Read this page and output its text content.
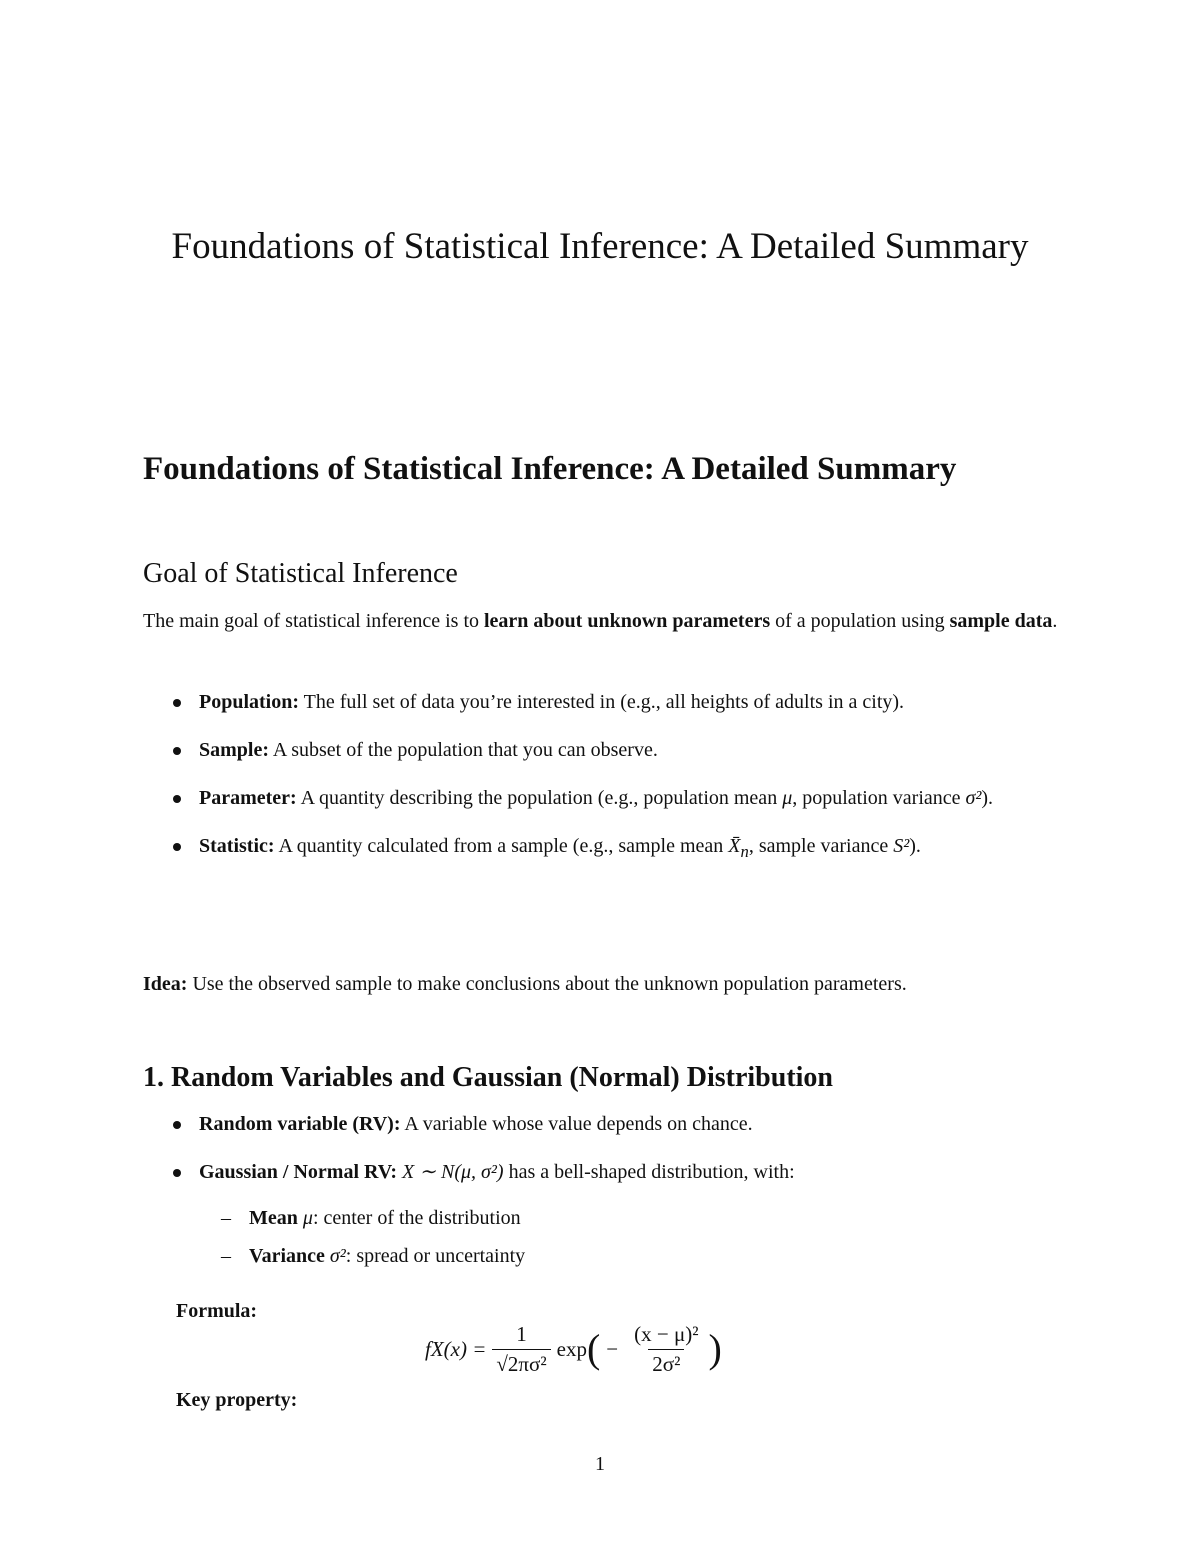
Foundations of Statistical Inference: A Detailed Summary
Foundations of Statistical Inference: A Detailed Summary
Goal of Statistical Inference
The main goal of statistical inference is to learn about unknown parameters of a population using sample data.
Population: The full set of data you’re interested in (e.g., all heights of adults in a city).
Sample: A subset of the population that you can observe.
Parameter: A quantity describing the population (e.g., population mean μ, population variance σ²).
Statistic: A quantity calculated from a sample (e.g., sample mean $X̄_n$, sample variance S²).
Idea: Use the observed sample to make conclusions about the unknown population parameters.
1. Random Variables and Gaussian (Normal) Distribution
Random variable (RV): A variable whose value depends on chance.
Gaussian / Normal RV: X ∼ N(μ, σ²) has a bell-shaped distribution, with:
– Mean μ: center of the distribution
– Variance σ²: spread or uncertainty
Formula:
$fX(x) = \frac{1}{\text{√2πσ²}}$ exp ( − $\frac{\text{(x − μ)²}}{\text{2σ²}}$ )
Key property:
1
